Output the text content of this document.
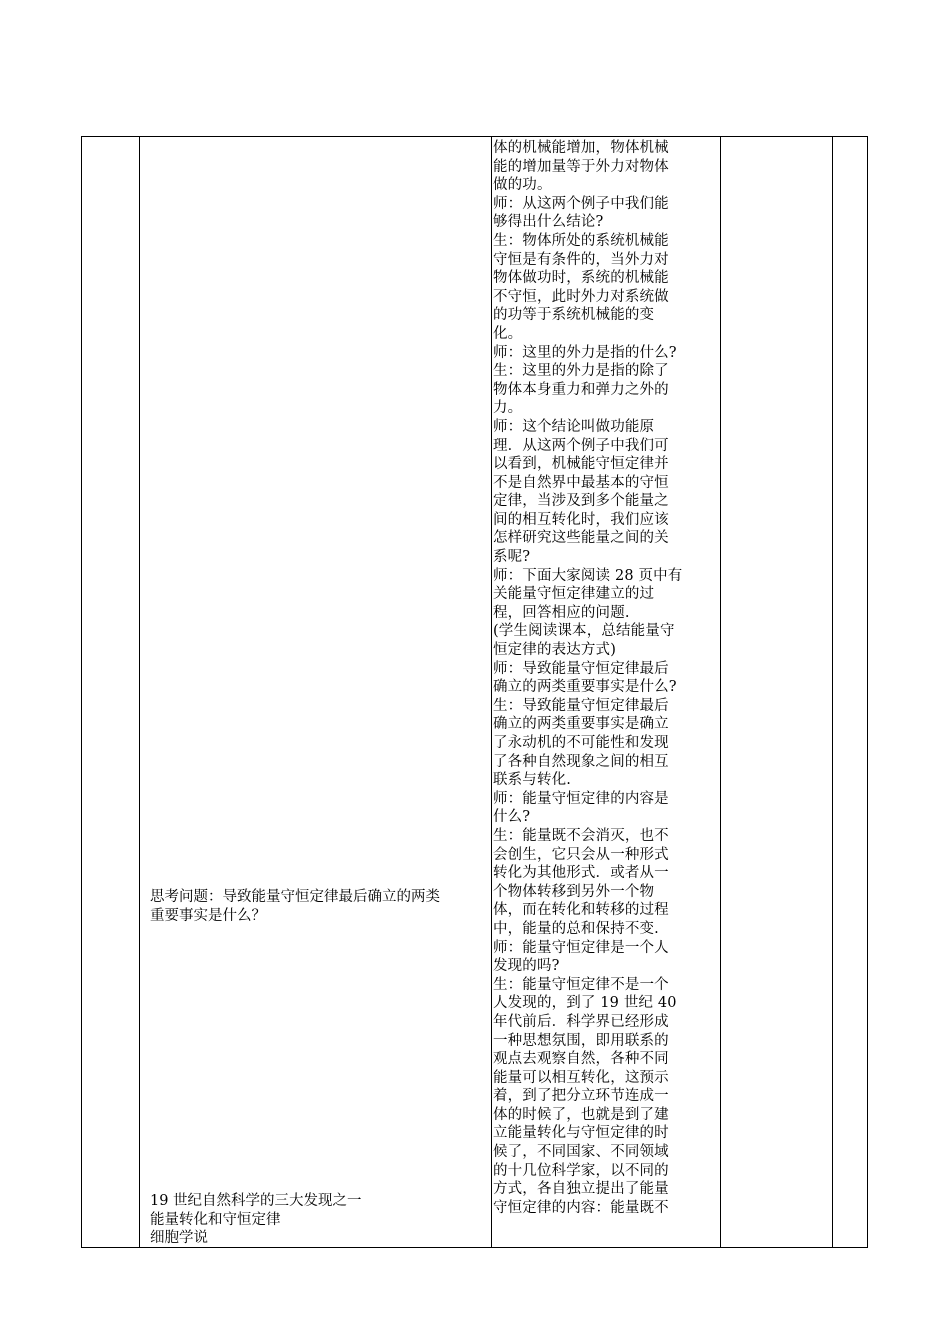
思考问题：导致能量守恒定律最后确立的两类
重要事实是什么？
19 世纪自然科学的三大发现之一
能量转化和守恒定律
细胞学说
体的机械能增加，物体机械
能的增加量等于外力对物体
做的功。
师：从这两个例子中我们能
够得出什么结论?
生：物体所处的系统机械能
守恒是有条件的，当外力对
物体做功时，系统的机械能
不守恒，此时外力对系统做
的功等于系统机械能的变
化。
师：这里的外力是指的什么?
生：这里的外力是指的除了
物体本身重力和弹力之外的
力。
师：这个结论叫做功能原
理．从这两个例子中我们可
以看到，机械能守恒定律并
不是自然界中最基本的守恒
定律，当涉及到多个能量之
间的相互转化时，我们应该
怎样研究这些能量之间的关
系呢?
师：下面大家阅读 28 页中有
关能量守恒定律建立的过
程，回答相应的问题.
(学生阅读课本，总结能量守
恒定律的表达方式)
师：导致能量守恒定律最后
确立的两类重要事实是什么?
生：导致能量守恒定律最后
确立的两类重要事实是确立
了永动机的不可能性和发现
了各种自然现象之间的相互
联系与转化.
师：能量守恒定律的内容是
什么?
生：能量既不会消灭，也不
会创生，它只会从一种形式
转化为其他形式．或者从一
个物体转移到另外一个物
体，而在转化和转移的过程
中，能量的总和保持不变.
师：能量守恒定律是一个人
发现的吗?
生：能量守恒定律不是一个
人发现的，到了 19 世纪 40
年代前后．科学界已经形成
一种思想氛围，即用联系的
观点去观察自然，各种不同
能量可以相互转化，这预示
着，到了把分立环节连成一
体的时候了，也就是到了建
立能量转化与守恒定律的时
候了，不同国家、不同领域
的十几位科学家，以不同的
方式，各自独立提出了能量
守恒定律的内容：能量既不
